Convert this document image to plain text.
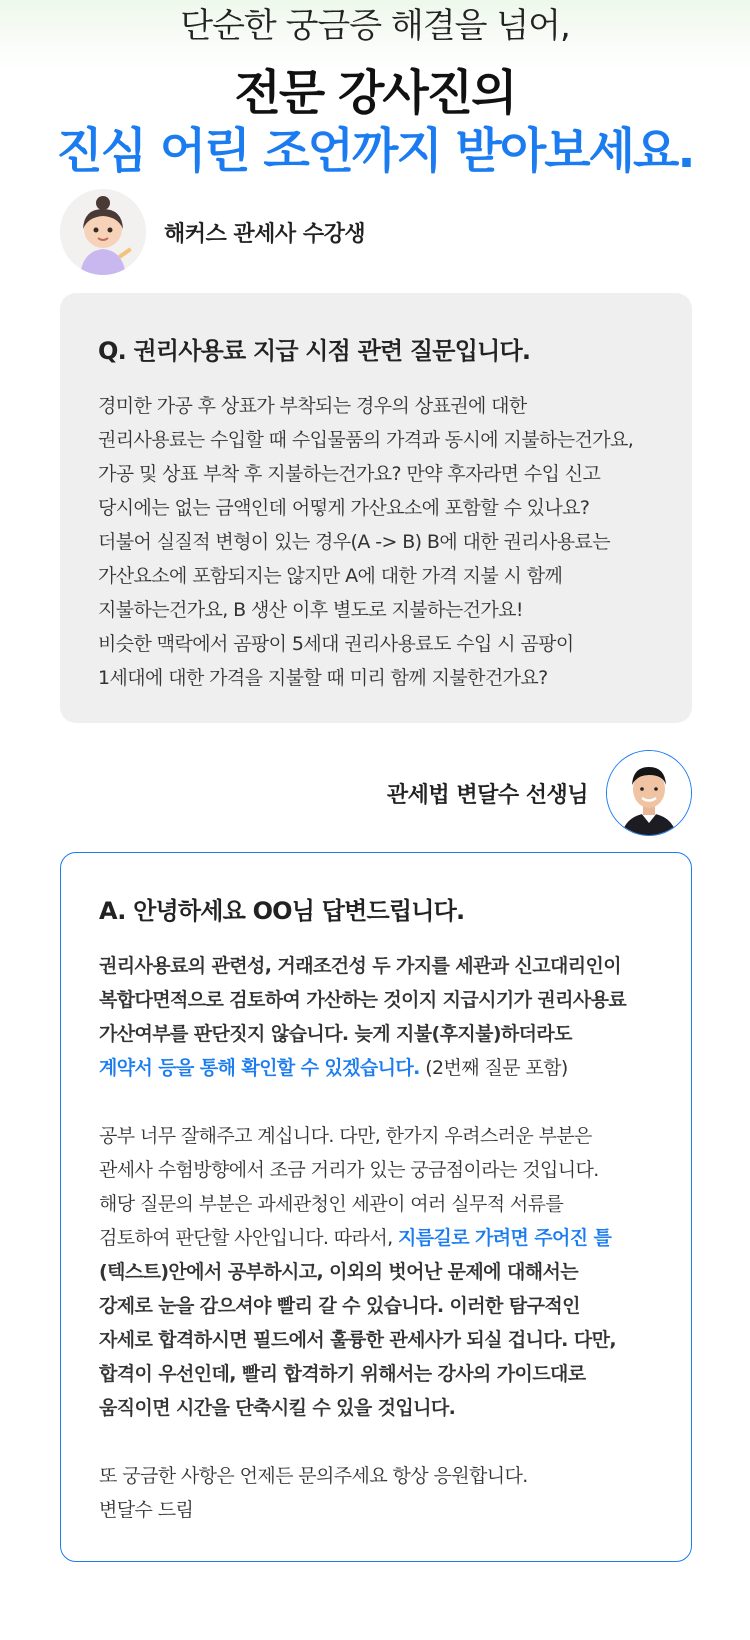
단순한 궁금증 해결을 넘어,
전문 강사진의
진심 어린 조언까지 받아보세요.
해커스 관세사 수강생
Q. 권리사용료 지급 시점 관련 질문입니다.
경미한 가공 후 상표가 부착되는 경우의 상표권에 대한
권리사용료는 수입할 때 수입물품의 가격과 동시에 지불하는건가요,
가공 및 상표 부착 후 지불하는건가요? 만약 후자라면 수입 신고
당시에는 없는 금액인데 어떻게 가산요소에 포함할 수 있나요?
더불어 실질적 변형이 있는 경우(A -> B) B에 대한 권리사용료는
가산요소에 포함되지는 않지만 A에 대한 가격 지불 시 함께
지불하는건가요, B 생산 이후 별도로 지불하는건가요!
비슷한 맥락에서 곰팡이 5세대 권리사용료도 수입 시 곰팡이
1세대에 대한 가격을 지불할 때 미리 함께 지불한건가요?
관세법 변달수 선생님
A. 안녕하세요 OO님 답변드립니다.
권리사용료의 관련성, 거래조건성 두 가지를 세관과 신고대리인이
복합다면적으로 검토하여 가산하는 것이지 지급시기가 권리사용료
가산여부를 판단짓지 않습니다. 늦게 지불(후지불)하더라도
계약서 등을 통해 확인할 수 있겠습니다. (2번째 질문 포함)
공부 너무 잘해주고 계십니다. 다만, 한가지 우려스러운 부분은
관세사 수험방향에서 조금 거리가 있는 궁금점이라는 것입니다.
해당 질문의 부분은 과세관청인 세관이 여러 실무적 서류를
검토하여 판단할 사안입니다. 따라서, 지름길로 가려면 주어진 틀
(텍스트)안에서 공부하시고, 이외의 벗어난 문제에 대해서는
강제로 눈을 감으셔야 빨리 갈 수 있습니다. 이러한 탐구적인
자세로 합격하시면 필드에서 훌륭한 관세사가 되실 겁니다. 다만,
합격이 우선인데, 빨리 합격하기 위해서는 강사의 가이드대로
움직이면 시간을 단축시킬 수 있을 것입니다.
또 궁금한 사항은 언제든 문의주세요 항상 응원합니다.
변달수 드림
